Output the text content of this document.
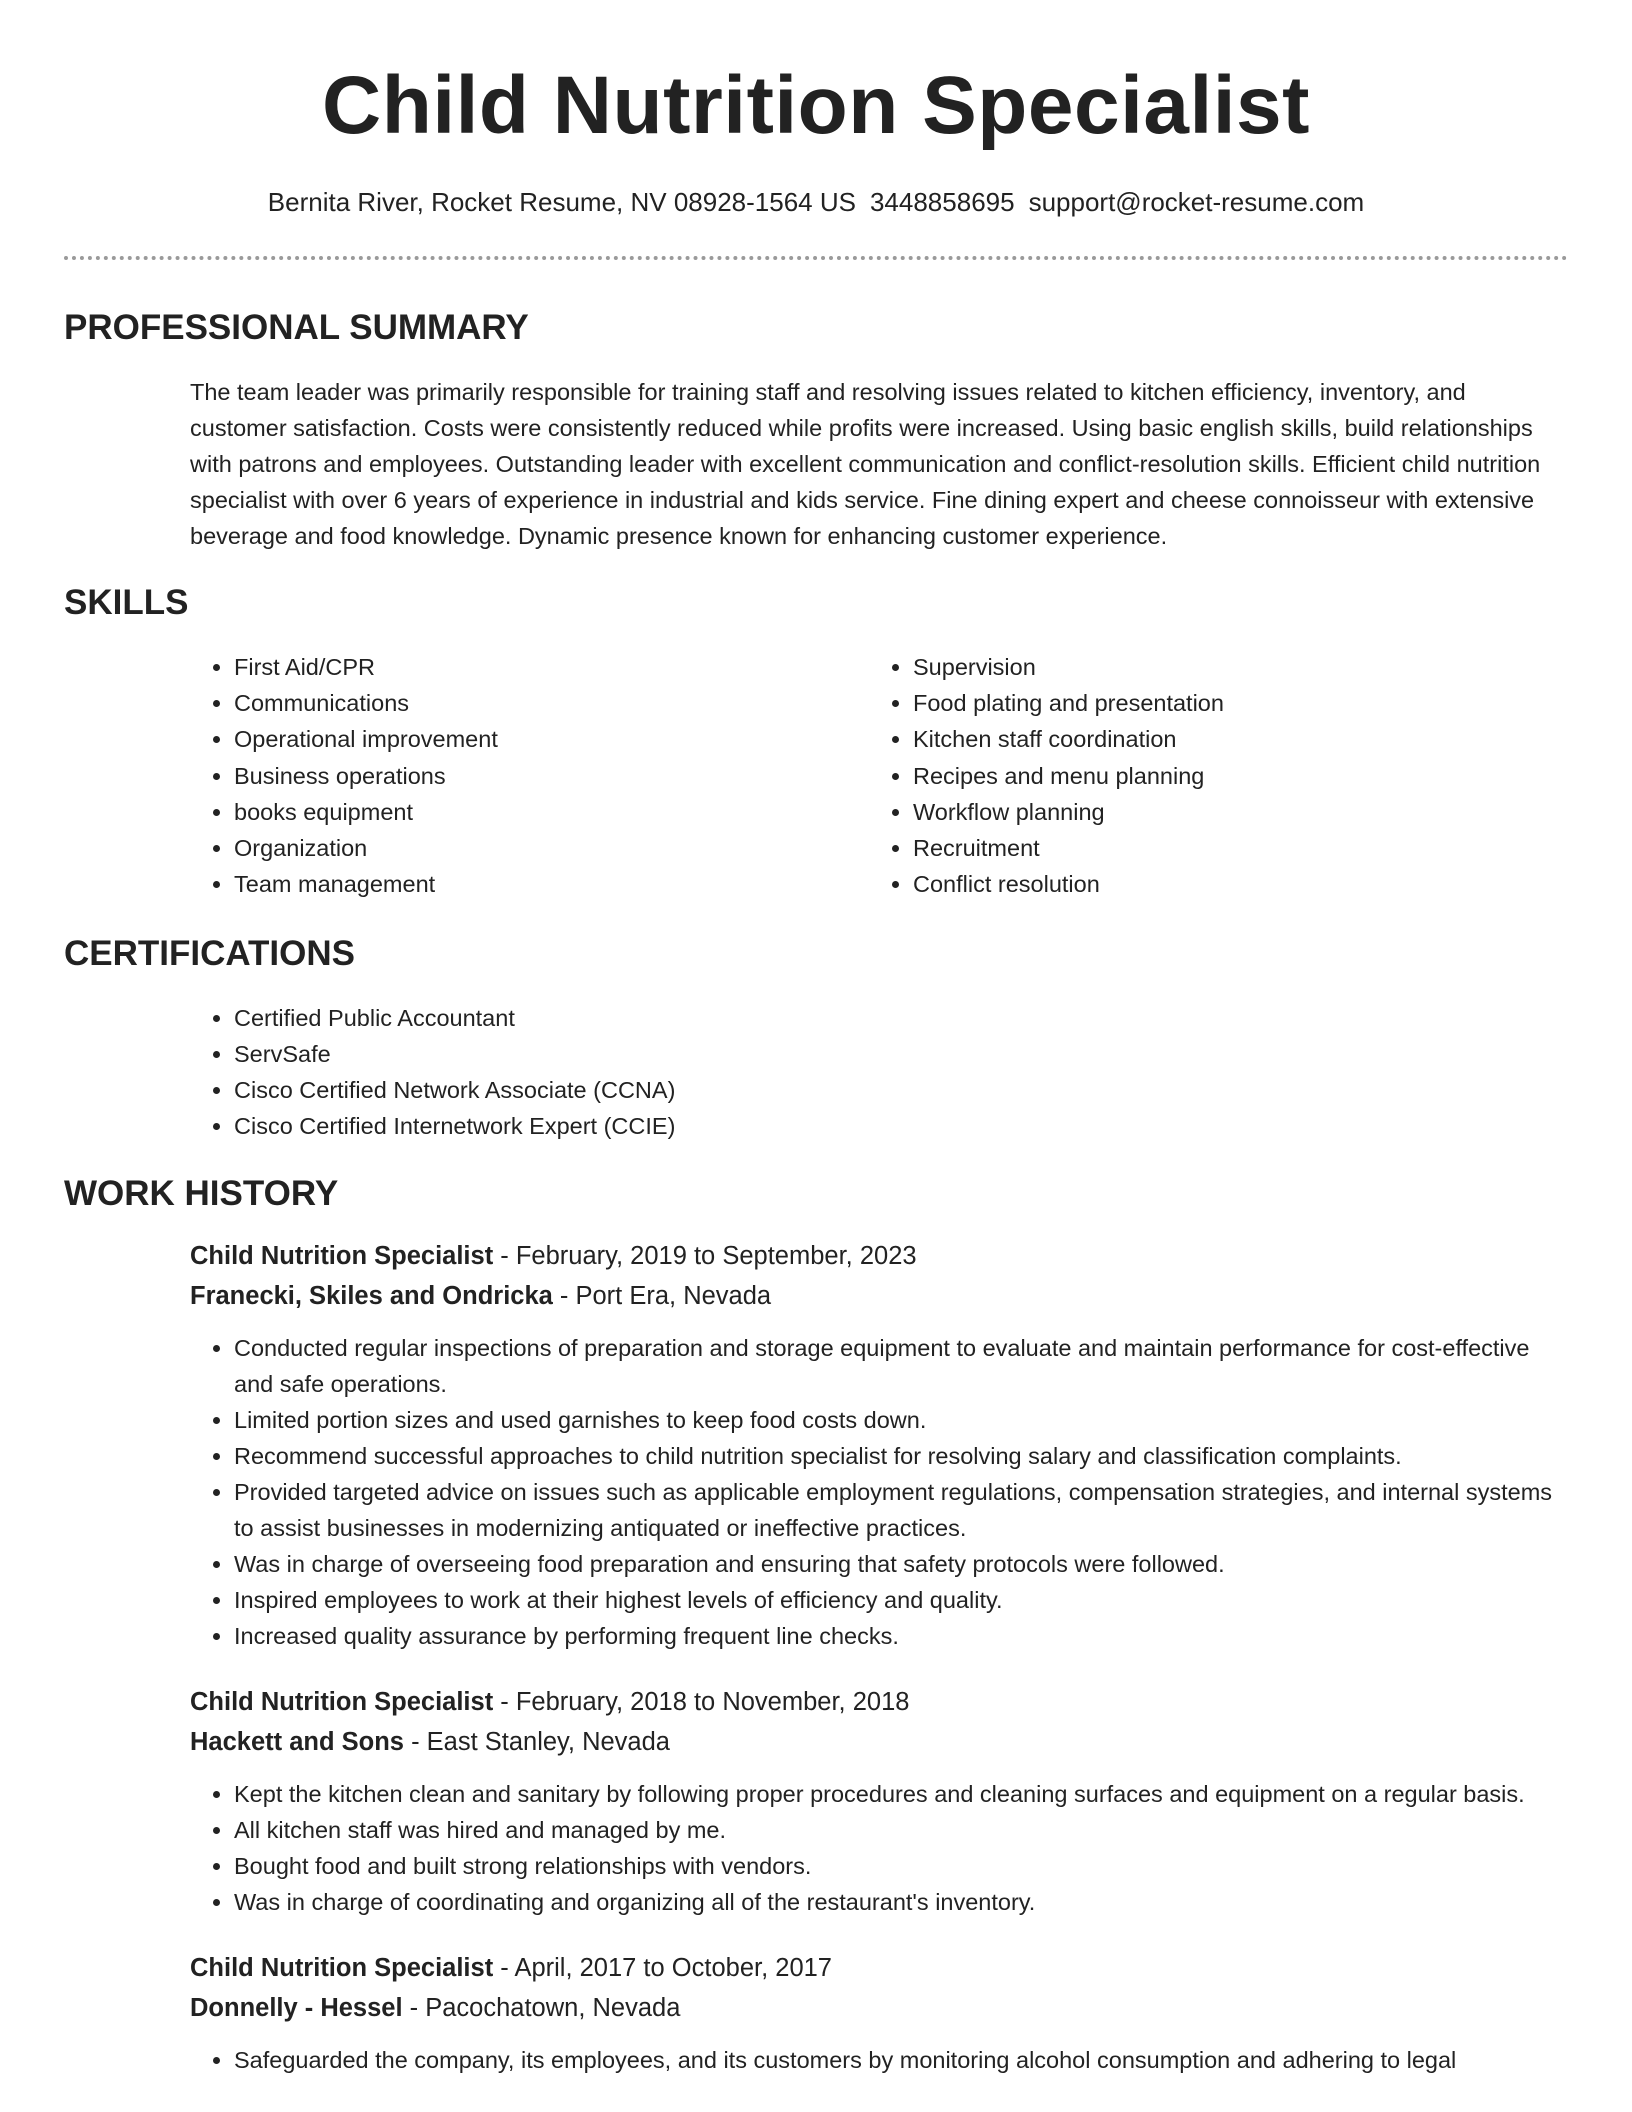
Child Nutrition Specialist
Bernita River, Rocket Resume, NV 08928-1564 US 3448858695 support@rocket-resume.com
PROFESSIONAL SUMMARY

The team leader was primarily responsible for training staff and resolving issues related to kitchen efficiency, inventory, and customer satisfaction. Costs were consistently reduced while profits were increased. Using basic english skills, build relationships with patrons and employees. Outstanding leader with excellent communication and conflict-resolution skills. Efficient child nutrition specialist with over 6 years of experience in industrial and kids service. Fine dining expert and cheese connoisseur with extensive beverage and food knowledge. Dynamic presence known for enhancing customer experience.

SKILLS
• First Aid/CPR
• Communications
• Operational improvement
• Business operations
• books equipment
• Organization
• Team management
• Supervision
• Food plating and presentation
• Kitchen staff coordination
• Recipes and menu planning
• Workflow planning
• Recruitment
• Conflict resolution
CERTIFICATIONS
• Certified Public Accountant
• ServSafe
• Cisco Certified Network Associate (CCNA)
• Cisco Certified Internetwork Expert (CCIE)
WORK HISTORY
Child Nutrition Specialist - February, 2019 to September, 2023
Franecki, Skiles and Ondricka - Port Era, Nevada
• Conducted regular inspections of preparation and storage equipment to evaluate and maintain performance for cost-effective and safe operations.
• Limited portion sizes and used garnishes to keep food costs down.
• Recommend successful approaches to child nutrition specialist for resolving salary and classification complaints.
• Provided targeted advice on issues such as applicable employment regulations, compensation strategies, and internal systems to assist businesses in modernizing antiquated or ineffective practices.
• Was in charge of overseeing food preparation and ensuring that safety protocols were followed.
• Inspired employees to work at their highest levels of efficiency and quality.
• Increased quality assurance by performing frequent line checks.
Child Nutrition Specialist - February, 2018 to November, 2018
Hackett and Sons - East Stanley, Nevada
• Kept the kitchen clean and sanitary by following proper procedures and cleaning surfaces and equipment on a regular basis.
• All kitchen staff was hired and managed by me.
• Bought food and built strong relationships with vendors.
• Was in charge of coordinating and organizing all of the restaurant's inventory.
Child Nutrition Specialist - April, 2017 to October, 2017
Donnelly - Hessel - Pacochatown, Nevada
• Safeguarded the company, its employees, and its customers by monitoring alcohol consumption and adhering to legal
